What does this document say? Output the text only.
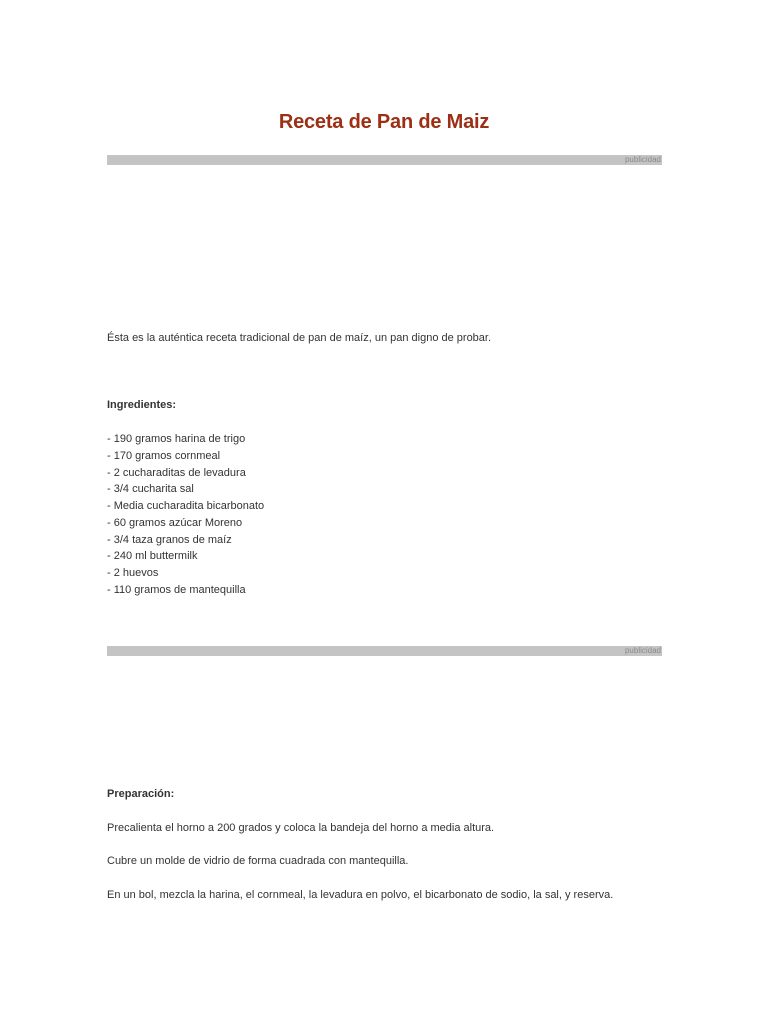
Receta de Pan de Maiz
publicidad

Ésta es la auténtica receta tradicional de pan de maíz, un pan digno de probar.

Ingredientes:

- 190 gramos harina de trigo
- 170 gramos cornmeal
- 2 cucharaditas de levadura
- 3/4 cucharita sal
- Media cucharadita bicarbonato
- 60 gramos azúcar Moreno
- 3/4 taza granos de maíz
- 240 ml buttermilk
- 2 huevos
- 110 gramos de mantequilla
publicidad

Preparación:

Precalienta el horno a 200 grados y coloca la bandeja del horno a media altura.

Cubre un molde de vidrio de forma cuadrada con mantequilla.

En un bol, mezcla la harina, el cornmeal, la levadura en polvo, el bicarbonato de sodio, la sal, y reserva.
